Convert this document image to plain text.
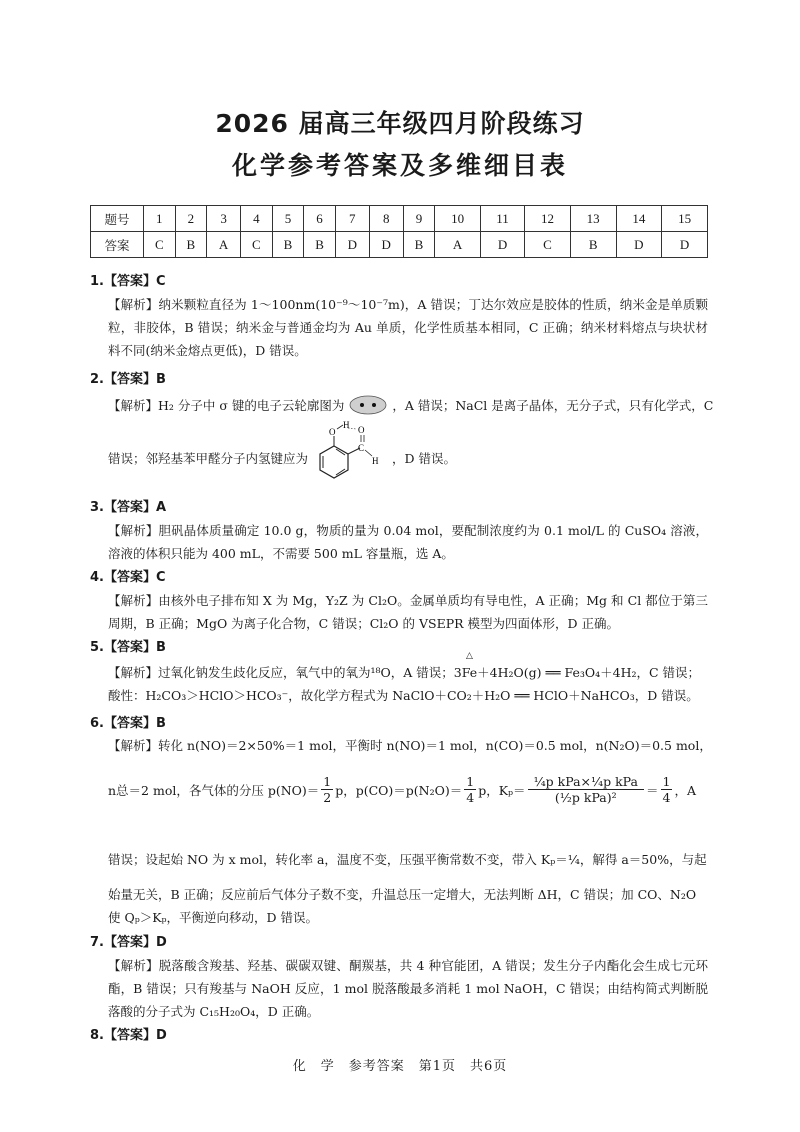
2026 届高三年级四月阶段练习
化学参考答案及多维细目表
题号	1	2	3	4	5	6	7	8	9	10	11	12	13	14	15
答案	C	B	A	C	B	B	D	D	B	A	D	C	B	D	D
1.【答案】C
【解析】纳米颗粒直径为 1～100nm(10⁻⁹～10⁻⁷m)，A 错误；丁达尔效应是胶体的性质，纳米金是单质颗粒，非胶体，B 错误；纳米金与普通金均为 Au 单质，化学性质基本相同，C 正确；纳米材料熔点与块状材料不同(纳米金熔点更低)，D 错误。
2.【答案】B
【解析】H₂ 分子中 σ 键的电子云轮廓图为	，A 错误；NaCl 是离子晶体，无分子式，只有化学式，C
错误；邻羟基苯甲醛分子内氢键应为
O
H
C
O
H ，D 错误。
3.【答案】A
【解析】胆矾晶体质量确定 10.0 g，物质的量为 0.04 mol，要配制浓度约为 0.1 mol/L 的 CuSO₄ 溶液，溶液的体积只能为 400 mL，不需要 500 mL 容量瓶，选 A。
4.【答案】C
【解析】由核外电子排布知 X 为 Mg，Y₂Z 为 Cl₂O。金属单质均有导电性，A 正确；Mg 和 Cl 都位于第三周期，B 正确；MgO 为离子化合物，C 错误；Cl₂O 的 VSEPR 模型为四面体形，D 正确。
5.【答案】B
△
【解析】过氧化钠发生歧化反应，氧气中的氧为¹⁸O，A 错误；3Fe＋4H₂O(g) ══ Fe₃O₄＋4H₂，C 错误；
酸性：H₂CO₃＞HClO＞HCO₃⁻，故化学方程式为 NaClO＋CO₂＋H₂O ══ HClO＋NaHCO₃，D 错误。
6.【答案】B
【解析】转化 n(NO)＝2×50%＝1 mol，平衡时 n(NO)＝1 mol，n(CO)＝0.5 mol，n(N₂O)＝0.5 mol，
n总＝2 mol，各气体的分压 $p(NO)= \frac{1}{2}$ p，$p(CO)=p(N_2O)= \frac{1}{4}$ p，$K_p= \frac{\text{¼p kPa×¼p kPa}}{\text{(½p kPa)²}} = \frac{1}{4}$ ，A
错误；设起始 NO 为 x mol，转化率 a，温度不变，压强平衡常数不变，带入 Kₚ＝¼，解得 a＝50%，与起
始量无关，B 正确；反应前后气体分子数不变，升温总压一定增大，无法判断 ΔH，C 错误；加 CO、N₂O
使 Qₚ＞Kₚ，平衡逆向移动，D 错误。
7.【答案】D
【解析】脱落酸含羧基、羟基、碳碳双键、酮羰基，共 4 种官能团，A 错误；发生分子内酯化会生成七元环酯，B 错误；只有羧基与 NaOH 反应，1 mol 脱落酸最多消耗 1 mol NaOH，C 错误；由结构简式判断脱落酸的分子式为 C₁₅H₂₀O₄，D 正确。
8.【答案】D
化　学　参考答案　第1页　共6页
